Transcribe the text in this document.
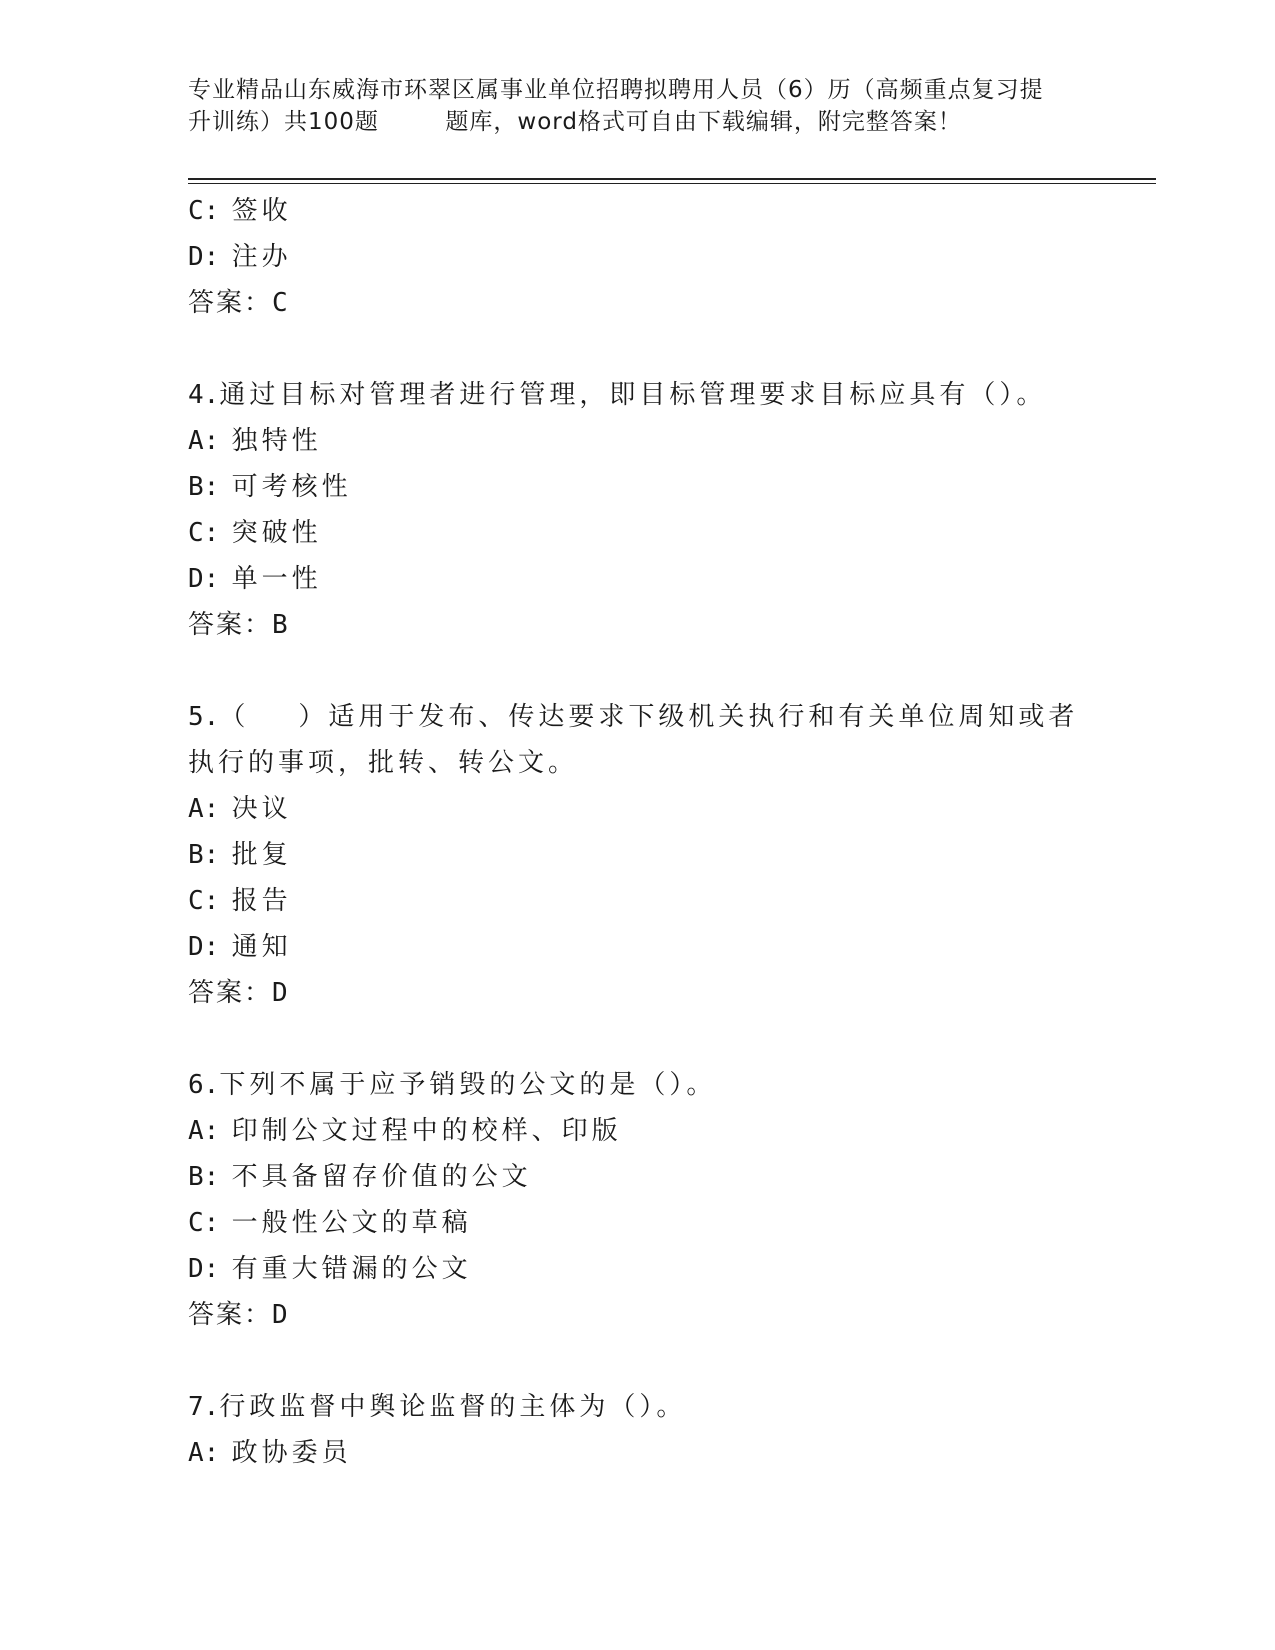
专业精品山东威海市环翠区属事业单位招聘拟聘用人员（6）历（高频重点复习提
升训练）共100题        题库，word格式可自由下载编辑，附完整答案！
C: 签收
D: 注办
答案：C
4.通过目标对管理者进行管理，即目标管理要求目标应具有（）。
A: 独特性
B: 可考核性
C: 突破性
D: 单一性
答案：B
5.（    ）适用于发布、传达要求下级机关执行和有关单位周知或者
执行的事项，批转、转公文。
A: 决议
B: 批复
C: 报告
D: 通知
答案：D
6.下列不属于应予销毁的公文的是（）。
A: 印制公文过程中的校样、印版
B: 不具备留存价值的公文
C: 一般性公文的草稿
D: 有重大错漏的公文
答案：D
7.行政监督中舆论监督的主体为（）。
A: 政协委员
